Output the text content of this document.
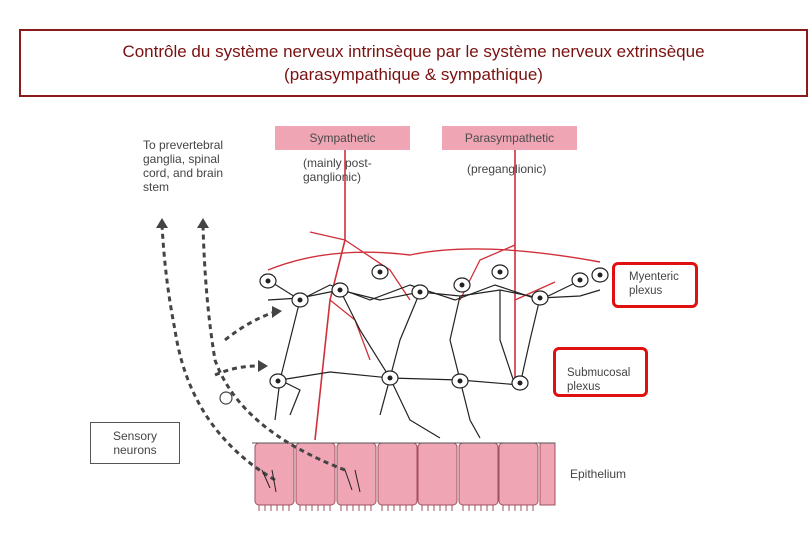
Contrôle du système nerveux intrinsèque par le système nerveux extrinsèque
(parasympathique & sympathique)
To prevertebral
ganglia, spinal
cord, and brain
stem
Sympathetic
(mainly post-
ganglionic)
Parasympathetic
(preganglionic)
Myenteric
plexus
Submucosal
plexus
Sensory
neurons
Epithelium
